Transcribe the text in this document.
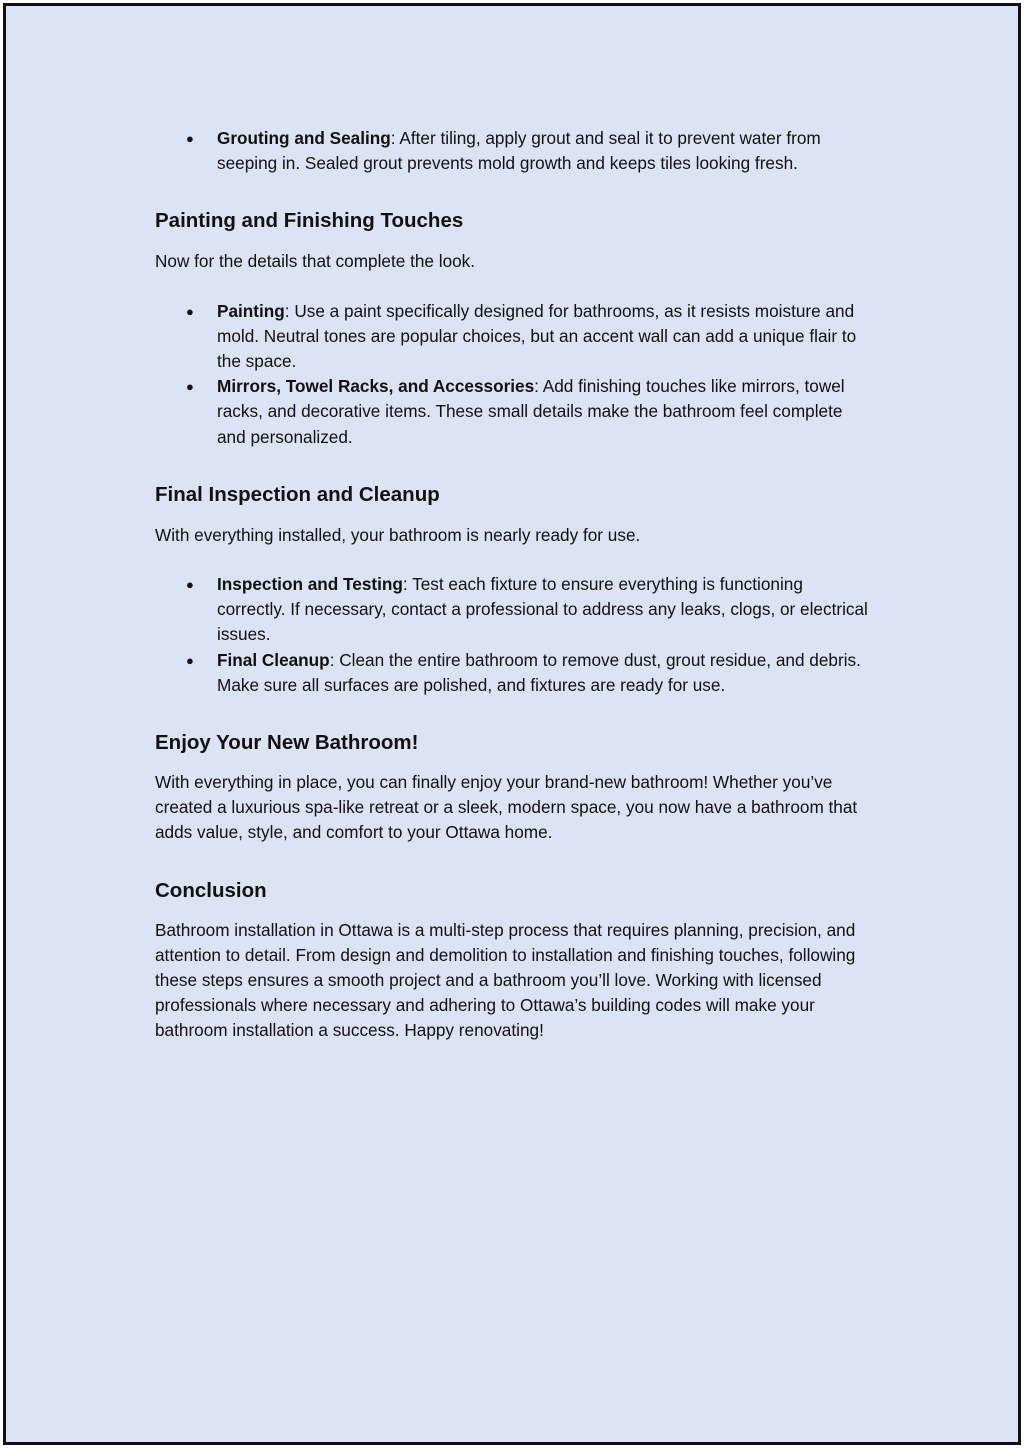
● Grouting and Sealing: After tiling, apply grout and seal it to prevent water from seeping in. Sealed grout prevents mold growth and keeps tiles looking fresh.
Painting and Finishing Touches

Now for the details that complete the look.

● Painting: Use a paint specifically designed for bathrooms, as it resists moisture and mold. Neutral tones are popular choices, but an accent wall can add a unique flair to the space.
● Mirrors, Towel Racks, and Accessories: Add finishing touches like mirrors, towel racks, and decorative items. These small details make the bathroom feel complete and personalized.
Final Inspection and Cleanup

With everything installed, your bathroom is nearly ready for use.

● Inspection and Testing: Test each fixture to ensure everything is functioning correctly. If necessary, contact a professional to address any leaks, clogs, or electrical issues.
● Final Cleanup: Clean the entire bathroom to remove dust, grout residue, and debris. Make sure all surfaces are polished, and fixtures are ready for use.
Enjoy Your New Bathroom!

With everything in place, you can finally enjoy your brand-new bathroom! Whether you’ve created a luxurious spa-like retreat or a sleek, modern space, you now have a bathroom that adds value, style, and comfort to your Ottawa home.

Conclusion

Bathroom installation in Ottawa is a multi-step process that requires planning, precision, and attention to detail. From design and demolition to installation and finishing touches, following these steps ensures a smooth project and a bathroom you’ll love. Working with licensed professionals where necessary and adhering to Ottawa’s building codes will make your bathroom installation a success. Happy renovating!
